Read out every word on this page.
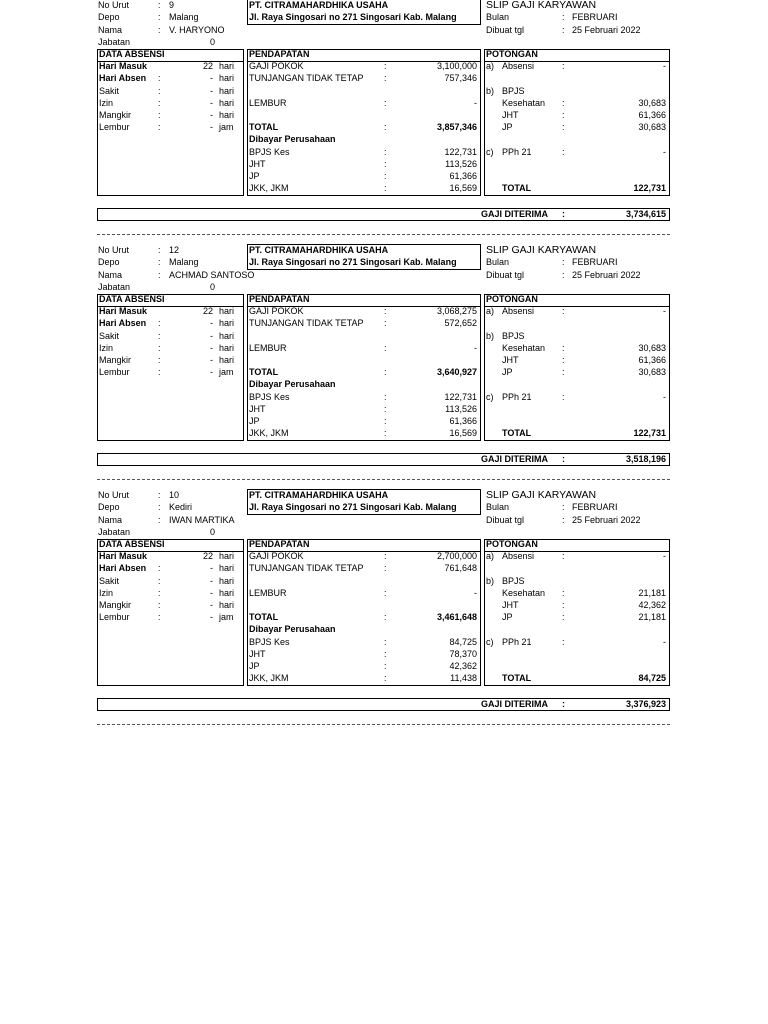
No Urut	: 9
Depo	: Malang
Nama	: V. HARYONO
Jabatan	0
PT. CITRAMAHARDHIKA USAHA
Jl. Raya Singosari no 271 Singosari Kab. Malang
SLIP GAJI KARYAWAN
Bulan	: FEBRUARI
Dibuat tgl	: 25 Februari 2022
DATA ABSENSI
Hari Masuk	22 hari
Hari Absen :	- hari
Sakit	:	- hari
Izin	:	- hari
Mangkir	:	- hari
Lembur	:	- jam
PENDAPATAN
GAJI POKOK	:	3,100,000
TUNJANGAN TIDAK TETAP :	757,346
LEMBUR	:	-
TOTAL	:	3,857,346
Dibayar Perusahaan
BPJS Kes	:	122,731
JHT	:	113,526
JP	:	61,366
JKK, JKM	:	16,569
POTONGAN
a) Absensi	:	-
b) BPJS
Kesehatan :	30,683
JHT	:	61,366
JP	:	30,683
c) PPh 21	:	-
TOTAL	122,731
GAJI DITERIMA :	3,734,615
No Urut	: 12
Depo	: Malang
Nama	: ACHMAD SANTOSO
Jabatan	0
PT. CITRAMAHARDHIKA USAHA
Jl. Raya Singosari no 271 Singosari Kab. Malang
SLIP GAJI KARYAWAN
Bulan	: FEBRUARI
Dibuat tgl	: 25 Februari 2022
DATA ABSENSI
Hari Masuk	22 hari
Hari Absen :	- hari
Sakit	:	- hari
Izin	:	- hari
Mangkir	:	- hari
Lembur	:	- jam
PENDAPATAN
GAJI POKOK	:	3,068,275
TUNJANGAN TIDAK TETAP :	572,652
LEMBUR	:	-
TOTAL	:	3,640,927
Dibayar Perusahaan
BPJS Kes	:	122,731
JHT	:	113,526
JP	:	61,366
JKK, JKM	:	16,569
POTONGAN
a) Absensi	:	-
b) BPJS
Kesehatan :	30,683
JHT	:	61,366
JP	:	30,683
c) PPh 21	:	-
TOTAL	122,731
GAJI DITERIMA :	3,518,196
No Urut	: 10
Depo	: Kediri
Nama	: IWAN MARTIKA
Jabatan	0
PT. CITRAMAHARDHIKA USAHA
Jl. Raya Singosari no 271 Singosari Kab. Malang
SLIP GAJI KARYAWAN
Bulan	: FEBRUARI
Dibuat tgl	: 25 Februari 2022
DATA ABSENSI
Hari Masuk	22 hari
Hari Absen :	- hari
Sakit	:	- hari
Izin	:	- hari
Mangkir	:	- hari
Lembur	:	- jam
PENDAPATAN
GAJI POKOK	:	2,700,000
TUNJANGAN TIDAK TETAP :	761,648
LEMBUR	:	-
TOTAL	:	3,461,648
Dibayar Perusahaan
BPJS Kes	:	84,725
JHT	:	78,370
JP	:	42,362
JKK, JKM	:	11,438
POTONGAN
a) Absensi	:	-
b) BPJS
Kesehatan :	21,181
JHT	:	42,362
JP	:	21,181
c) PPh 21	:	-
TOTAL	84,725
GAJI DITERIMA :	3,376,923
